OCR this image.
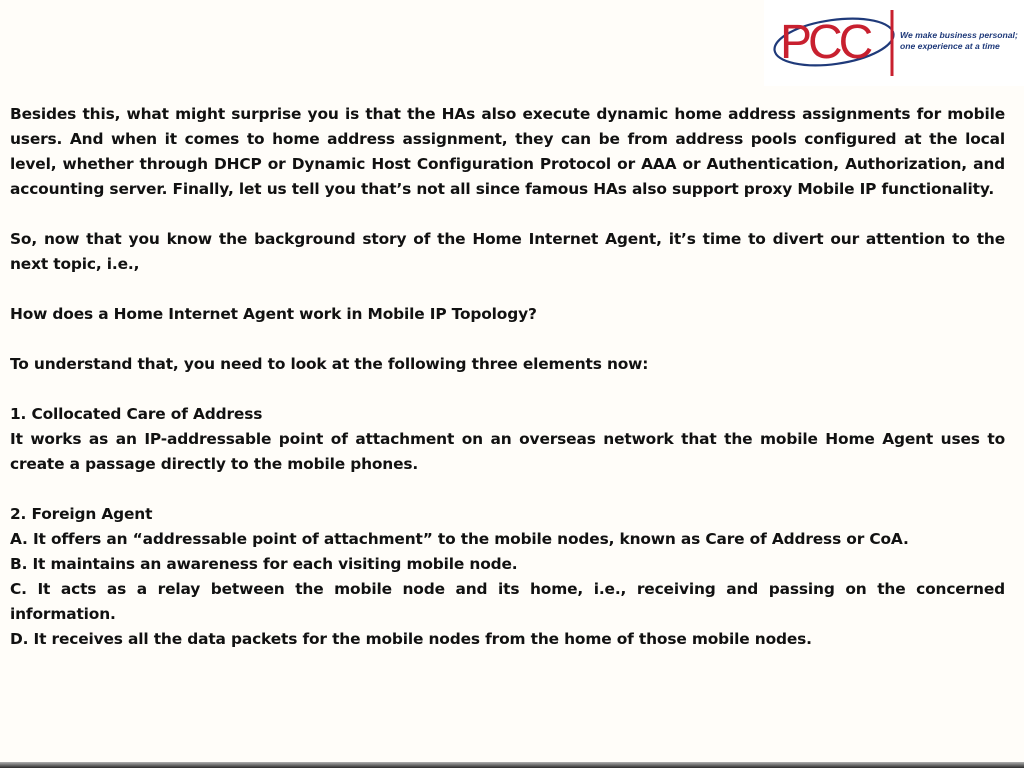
PCC	We make business personal;
one experience at a time

Besides this, what might surprise you is that the HAs also execute dynamic home address assignments for mobile users. And when it comes to home address assignment, they can be from address pools configured at the local level, whether through DHCP or Dynamic Host Configuration Protocol or AAA or Authentication, Authorization, and accounting server. Finally, let us tell you that’s not all since famous HAs also support proxy Mobile IP functionality.

So, now that you know the background story of the Home Internet Agent, it’s time to divert our attention to the next topic, i.e.,

How does a Home Internet Agent work in Mobile IP Topology?

To understand that, you need to look at the following three elements now:

1. Collocated Care of Address

It works as an IP-addressable point of attachment on an overseas network that the mobile Home Agent uses to create a passage directly to the mobile phones.

2. Foreign Agent

A. It offers an “addressable point of attachment” to the mobile nodes, known as Care of Address or CoA.

B. It maintains an awareness for each visiting mobile node.

C. It acts as a relay between the mobile node and its home, i.e., receiving and passing on the concerned information.

D. It receives all the data packets for the mobile nodes from the home of those mobile nodes.
